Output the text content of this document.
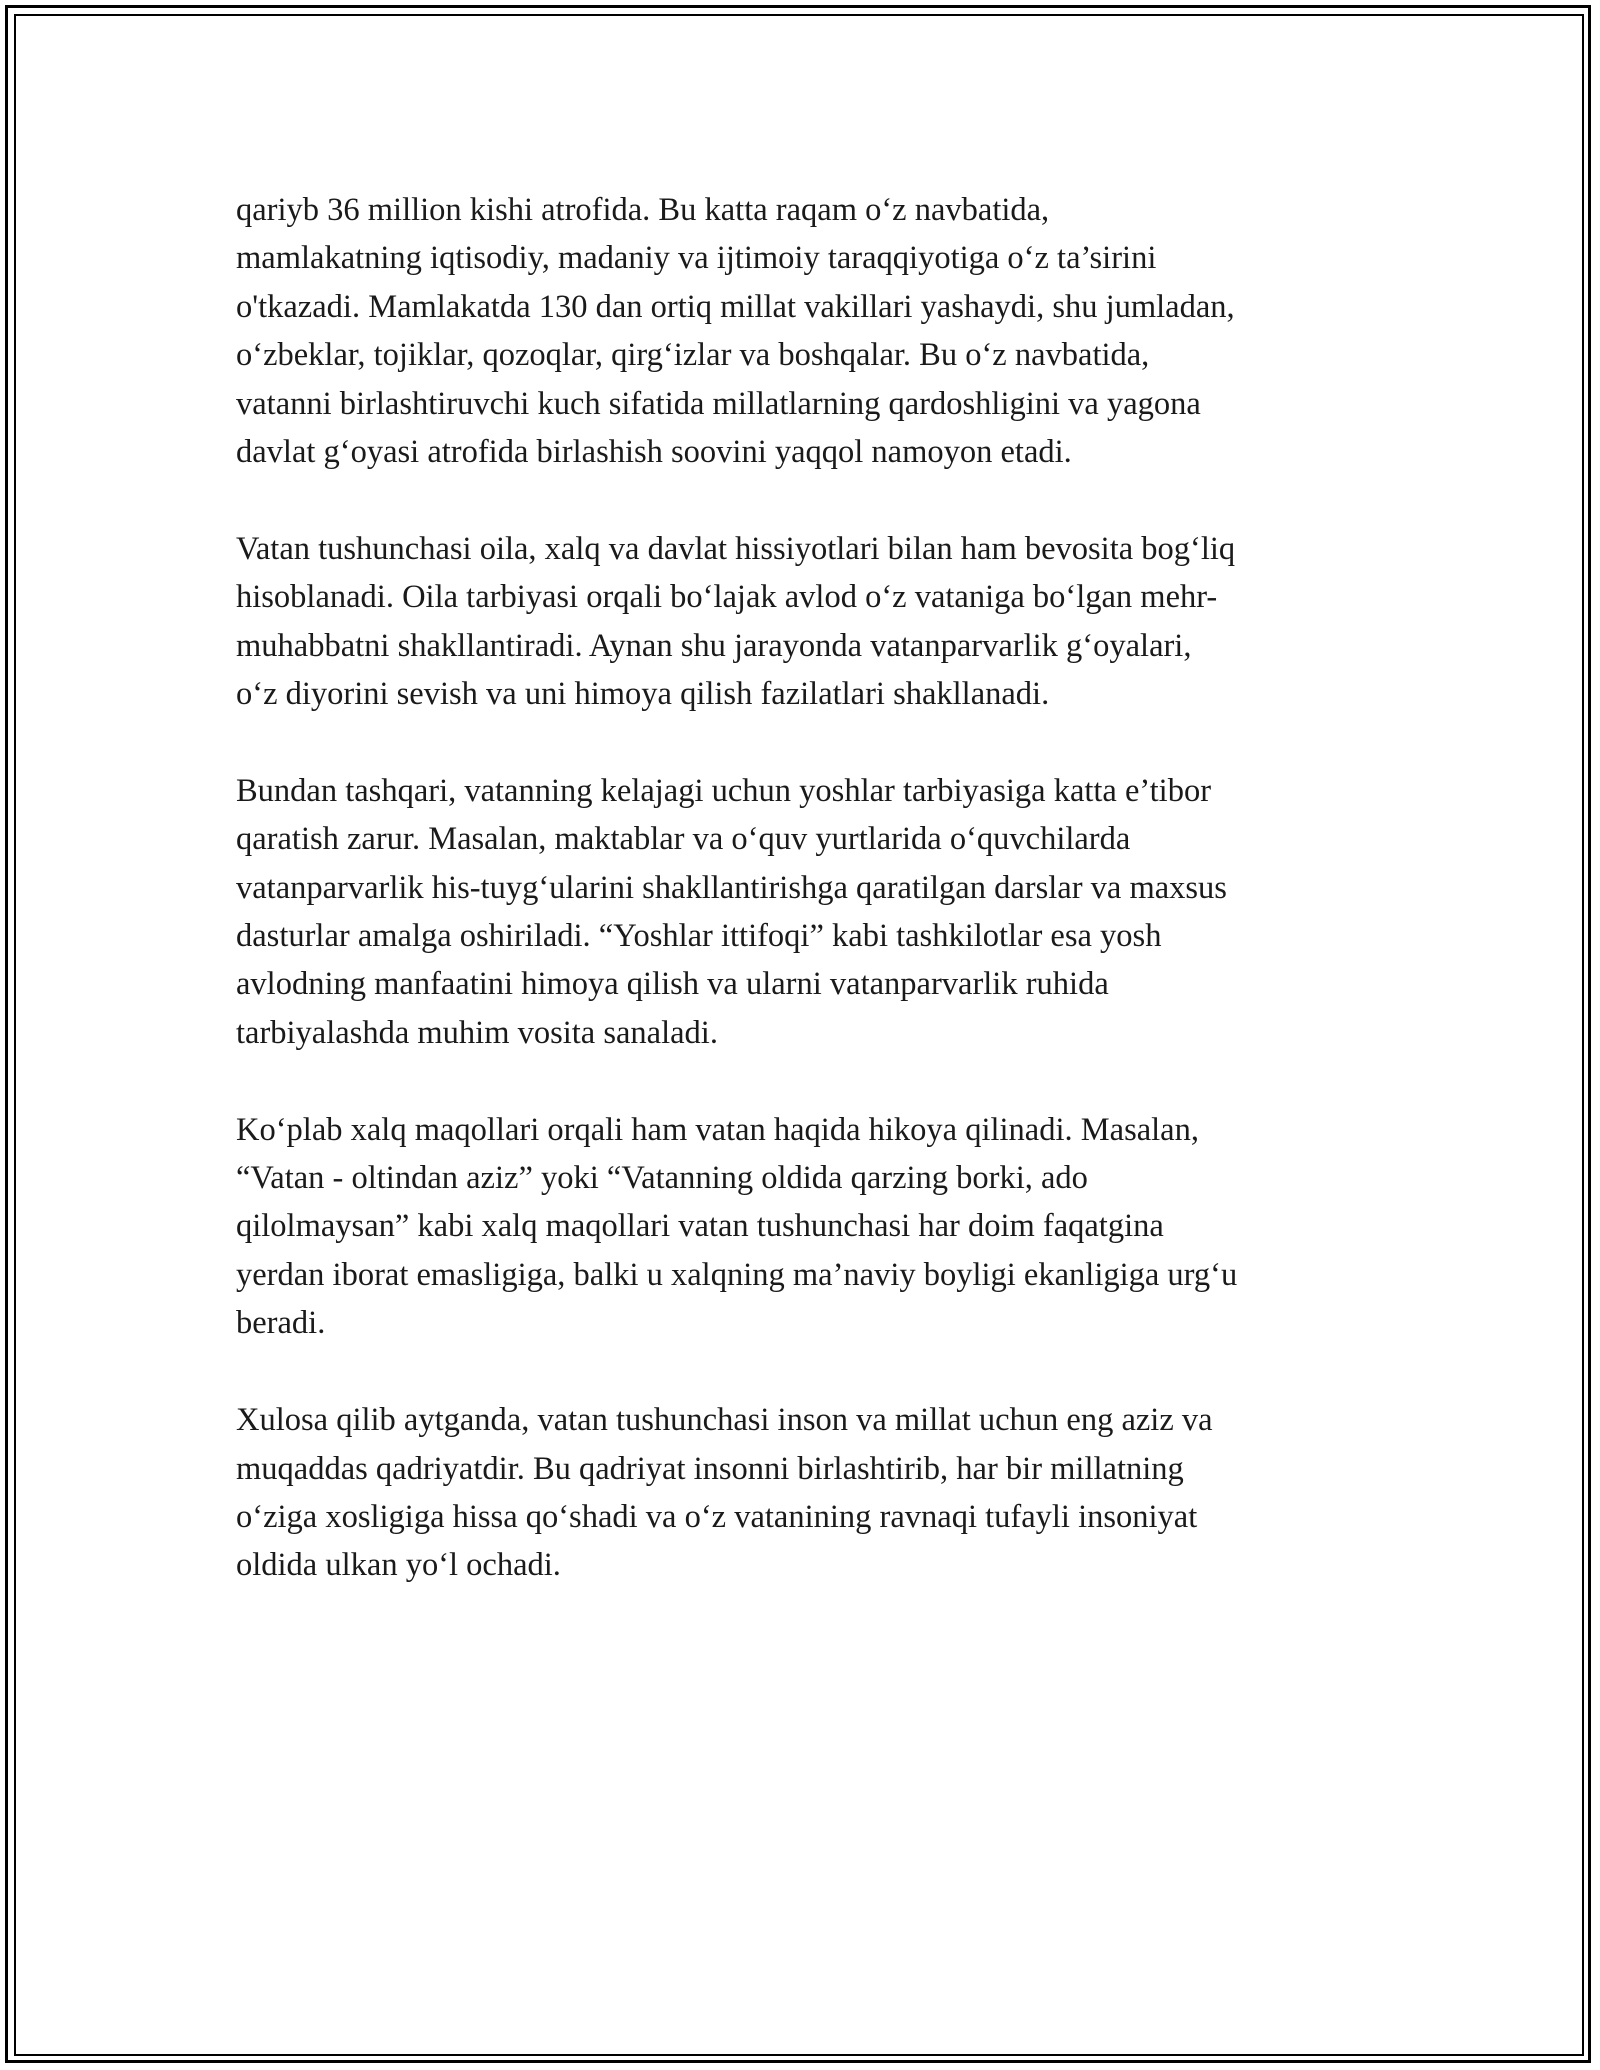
qariyb 36 million kishi atrofida. Bu katta raqam o‘z navbatida,
mamlakatning iqtisodiy, madaniy va ijtimoiy taraqqiyotiga o‘z ta’sirini
o'tkazadi. Mamlakatda 130 dan ortiq millat vakillari yashaydi, shu jumladan,
o‘zbeklar, tojiklar, qozoqlar, qirg‘izlar va boshqalar. Bu o‘z navbatida,
vatanni birlashtiruvchi kuch sifatida millatlarning qardoshligini va yagona
davlat g‘oyasi atrofida birlashish soovini yaqqol namoyon etadi.

Vatan tushunchasi oila, xalq va davlat hissiyotlari bilan ham bevosita bog‘liq
hisoblanadi. Oila tarbiyasi orqali bo‘lajak avlod o‘z vataniga bo‘lgan mehr-
muhabbatni shakllantiradi. Aynan shu jarayonda vatanparvarlik g‘oyalari,
o‘z diyorini sevish va uni himoya qilish fazilatlari shakllanadi.

Bundan tashqari, vatanning kelajagi uchun yoshlar tarbiyasiga katta e’tibor
qaratish zarur. Masalan, maktablar va o‘quv yurtlarida o‘quvchilarda
vatanparvarlik his-tuyg‘ularini shakllantirishga qaratilgan darslar va maxsus
dasturlar amalga oshiriladi. “Yoshlar ittifoqi” kabi tashkilotlar esa yosh
avlodning manfaatini himoya qilish va ularni vatanparvarlik ruhida
tarbiyalashda muhim vosita sanaladi.

Ko‘plab xalq maqollari orqali ham vatan haqida hikoya qilinadi. Masalan,
“Vatan - oltindan aziz” yoki “Vatanning oldida qarzing borki, ado
qilolmaysan” kabi xalq maqollari vatan tushunchasi har doim faqatgina
yerdan iborat emasligiga, balki u xalqning ma’naviy boyligi ekanligiga urg‘u
beradi.

Xulosa qilib aytganda, vatan tushunchasi inson va millat uchun eng aziz va
muqaddas qadriyatdir. Bu qadriyat insonni birlashtirib, har bir millatning
o‘ziga xosligiga hissa qo‘shadi va o‘z vatanining ravnaqi tufayli insoniyat
oldida ulkan yo‘l ochadi.
